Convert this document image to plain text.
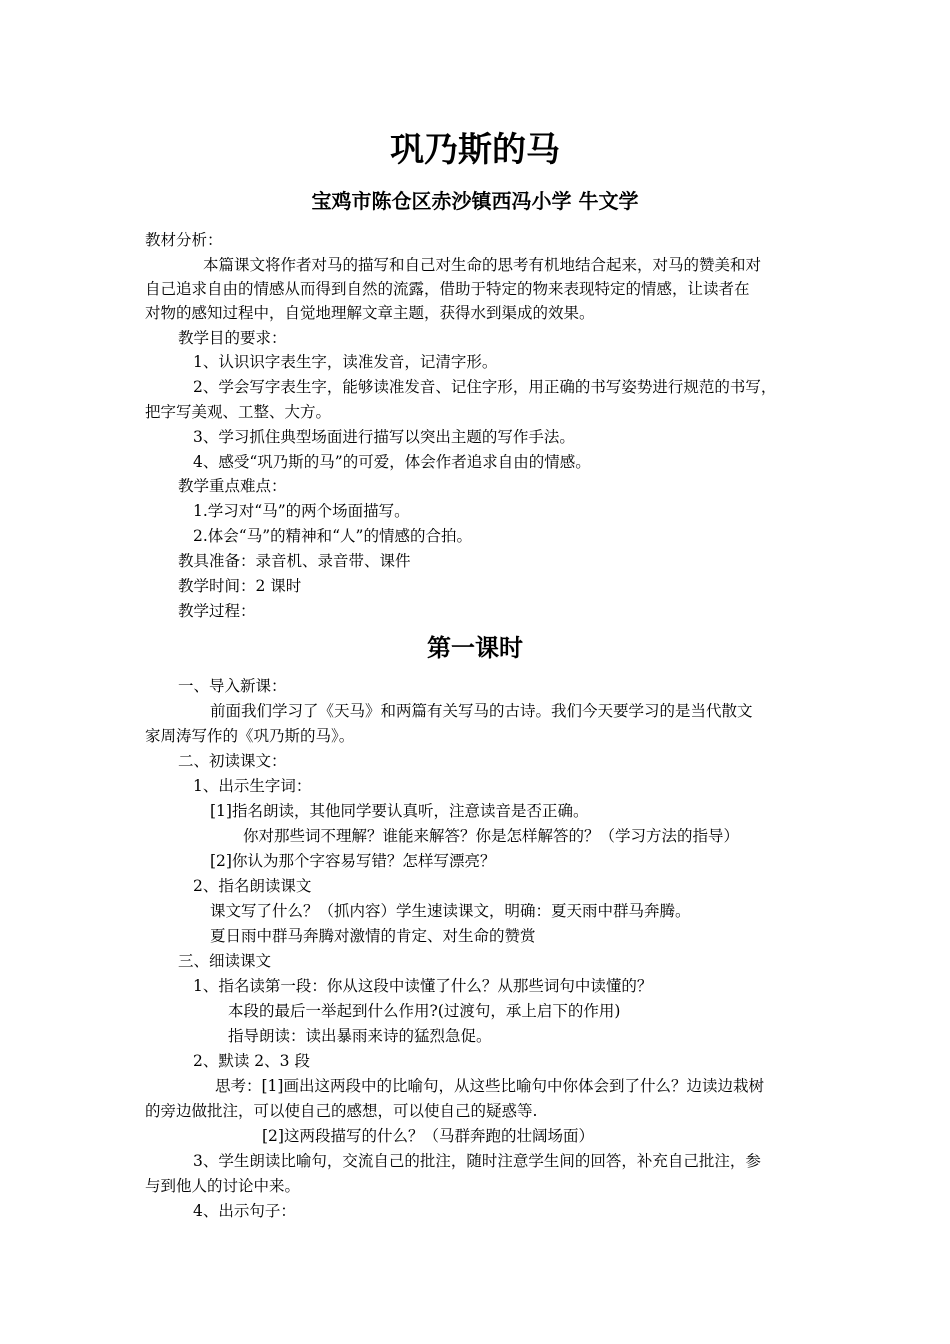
巩乃斯的马
宝鸡市陈仓区赤沙镇西冯小学 牛文学
教材分析：
本篇课文将作者对马的描写和自己对生命的思考有机地结合起来，对马的赞美和对
自己追求自由的情感从而得到自然的流露，借助于特定的物来表现特定的情感，让读者在
对物的感知过程中，自觉地理解文章主题，获得水到渠成的效果。
教学目的要求：
1、认识识字表生字，读准发音，记清字形。
2、学会写字表生字，能够读准发音、记住字形，用正确的书写姿势进行规范的书写，
把字写美观、工整、大方。
3、学习抓住典型场面进行描写以突出主题的写作手法。
4、感受“巩乃斯的马”的可爱，体会作者追求自由的情感。
教学重点难点：
1.学习对“马”的两个场面描写。
2.体会“马”的精神和“人”的情感的合拍。
教具准备：录音机、录音带、课件
教学时间：2 课时
教学过程：
第一课时
一、导入新课：
前面我们学习了《天马》和两篇有关写马的古诗。我们今天要学习的是当代散文
家周涛写作的《巩乃斯的马》。
二、初读课文：
1、出示生字词：
[1]指名朗读，其他同学要认真听，注意读音是否正确。
你对那些词不理解？谁能来解答？你是怎样解答的？（学习方法的指导）
[2]你认为那个字容易写错？怎样写漂亮？
2、指名朗读课文
课文写了什么？（抓内容）学生速读课文，明确：夏天雨中群马奔腾。
夏日雨中群马奔腾对激情的肯定、对生命的赞赏
三、细读课文
1、指名读第一段：你从这段中读懂了什么？从那些词句中读懂的？
本段的最后一举起到什么作用?(过渡句，承上启下的作用)
指导朗读：读出暴雨来诗的猛烈急促。
2、默读 2、3 段
思考：[1]画出这两段中的比喻句，从这些比喻句中你体会到了什么？边读边栽树
的旁边做批注，可以使自己的感想，可以使自己的疑惑等.
[2]这两段描写的什么？（马群奔跑的壮阔场面）
3、学生朗读比喻句，交流自己的批注，随时注意学生间的回答，补充自己批注，参
与到他人的讨论中来。
4、出示句子：
